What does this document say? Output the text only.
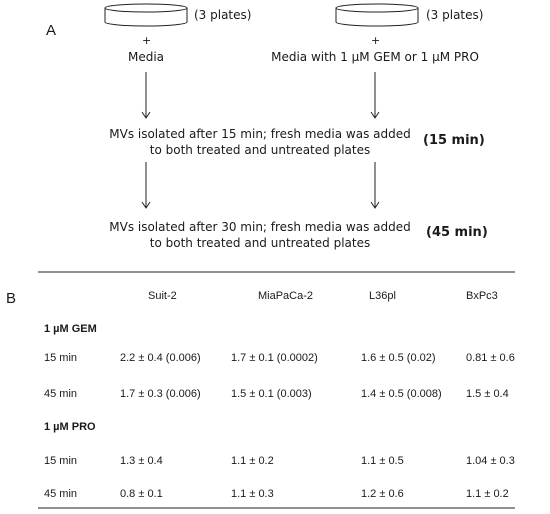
A
(3 plates)	(3 plates)
+	+
Media	Media with 1 µM GEM or 1 µM PRO
MVs isolated after 15 min; fresh media was added
to both treated and untreated plates
(15 min)
MVs isolated after 30 min; fresh media was added
to both treated and untreated plates
(45 min)
B	Suit-2	MiaPaCa-2	L36pl	BxPc3
1 µM GEM
15 min	2.2 ± 0.4 (0.006)	1.7 ± 0.1 (0.0002)	1.6 ± 0.5 (0.02)	0.81 ± 0.6
45 min	1.7 ± 0.3 (0.006)	1.5 ± 0.1 (0.003)	1.4 ± 0.5 (0.008) 1.5 ± 0.4
1 µM PRO
15 min	1.3 ± 0.4	1.1 ± 0.2	1.1 ± 0.5	1.04 ± 0.3
45 min	0.8 ± 0.1	1.1 ± 0.3	1.2 ± 0.6	1.1 ± 0.2
